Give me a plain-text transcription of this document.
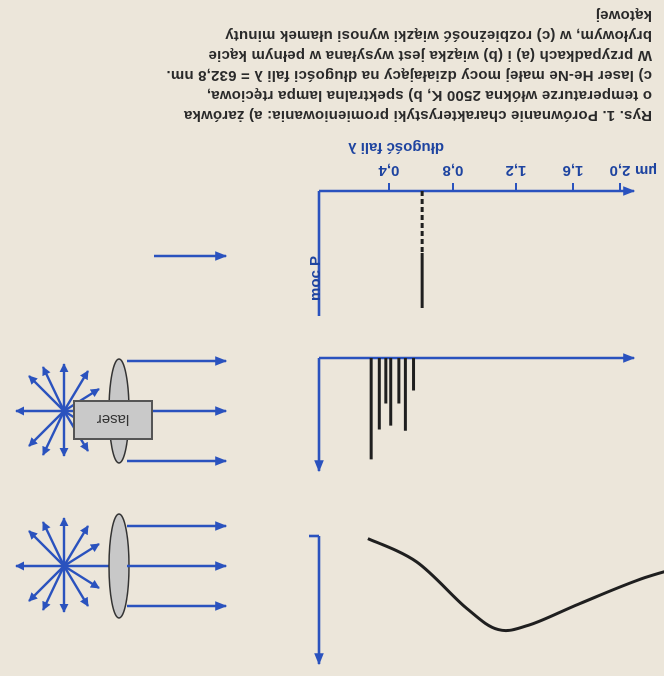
Rys. 1. Porównanie charakterystyki promieniowania: a) żarówka
o temperaturze włókna 2500 K, b) spektralna lampa rtęciowa,
c) laser He-Ne małej mocy działający na długości fali λ = 632,8 nm.
W przypadkach (a) i (b) wiązka jest wysyłana w pełnym kącie
bryłowym, w (c) rozbieżność wiązki wynosi ułamek minuty
kątowej
laser
moc P
długość fali λ
0,4	0,8	1,2 1,6 2,0 µm
